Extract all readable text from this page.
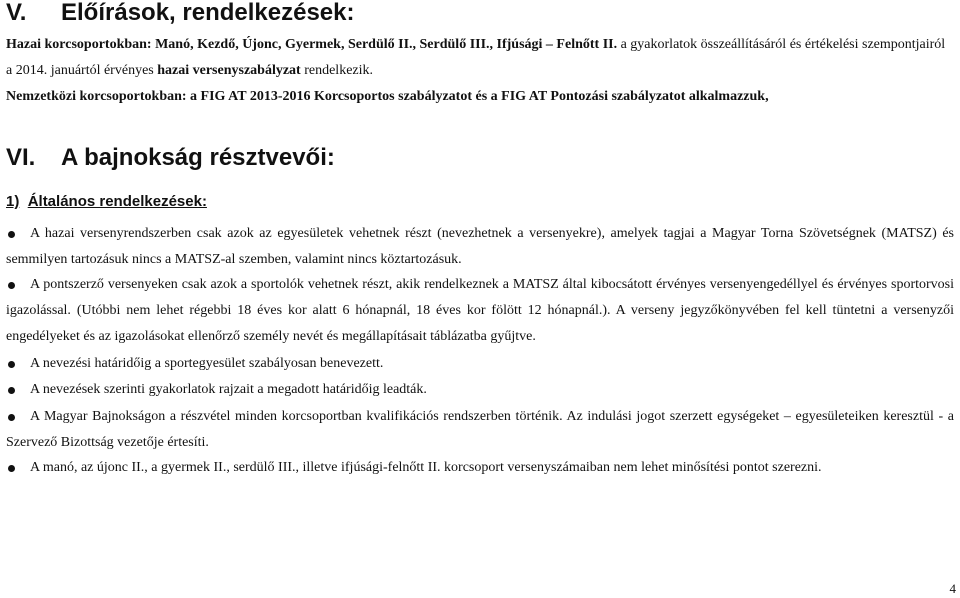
V. Előírások, rendelkezések:

Hazai korcsoportokban: Manó, Kezdő, Újonc, Gyermek, Serdülő II., Serdülő III., Ifjúsági – Felnőtt II. a gyakorlatok összeállításáról és értékelési szempontjairól a 2014. januártól érvényes hazai versenyszabályzat rendelkezik.

Nemzetközi korcsoportokban: a FIG AT 2013-2016 Korcsoportos szabályzatot és a FIG AT Pontozási szabályzatot alkalmazzuk,

VI. A bajnokság résztvevői:
1) Általános rendelkezések:

A hazai versenyrendszerben csak azok az egyesületek vehetnek részt (nevezhetnek a versenyekre), amelyek tagjai a Magyar Torna Szövetségnek (MATSZ) és semmilyen tartozásuk nincs a MATSZ-al szemben, valamint nincs köztartozásuk.

A pontszerző versenyeken csak azok a sportolók vehetnek részt, akik rendelkeznek a MATSZ által kibocsátott érvényes versenyengedéllyel és érvényes sportorvosi igazolással. (Utóbbi nem lehet régebbi 18 éves kor alatt 6 hónapnál, 18 éves kor fölött 12 hónapnál.). A verseny jegyzőkönyvében fel kell tüntetni a versenyzői engedélyeket és az igazolásokat ellenőrző személy nevét és megállapításait táblázatba gyűjtve.

A nevezési határidőig a sportegyesület szabályosan benevezett.

A nevezések szerinti gyakorlatok rajzait a megadott határidőig leadták.

A Magyar Bajnokságon a részvétel minden korcsoportban kvalifikációs rendszerben történik. Az indulási jogot szerzett egységeket – egyesületeiken keresztül - a Szervező Bizottság vezetője értesíti.

A manó, az újonc II., a gyermek II., serdülő III., illetve ifjúsági-felnőtt II. korcsoport versenyszámaiban nem lehet minősítési pontot szerezni.

4
